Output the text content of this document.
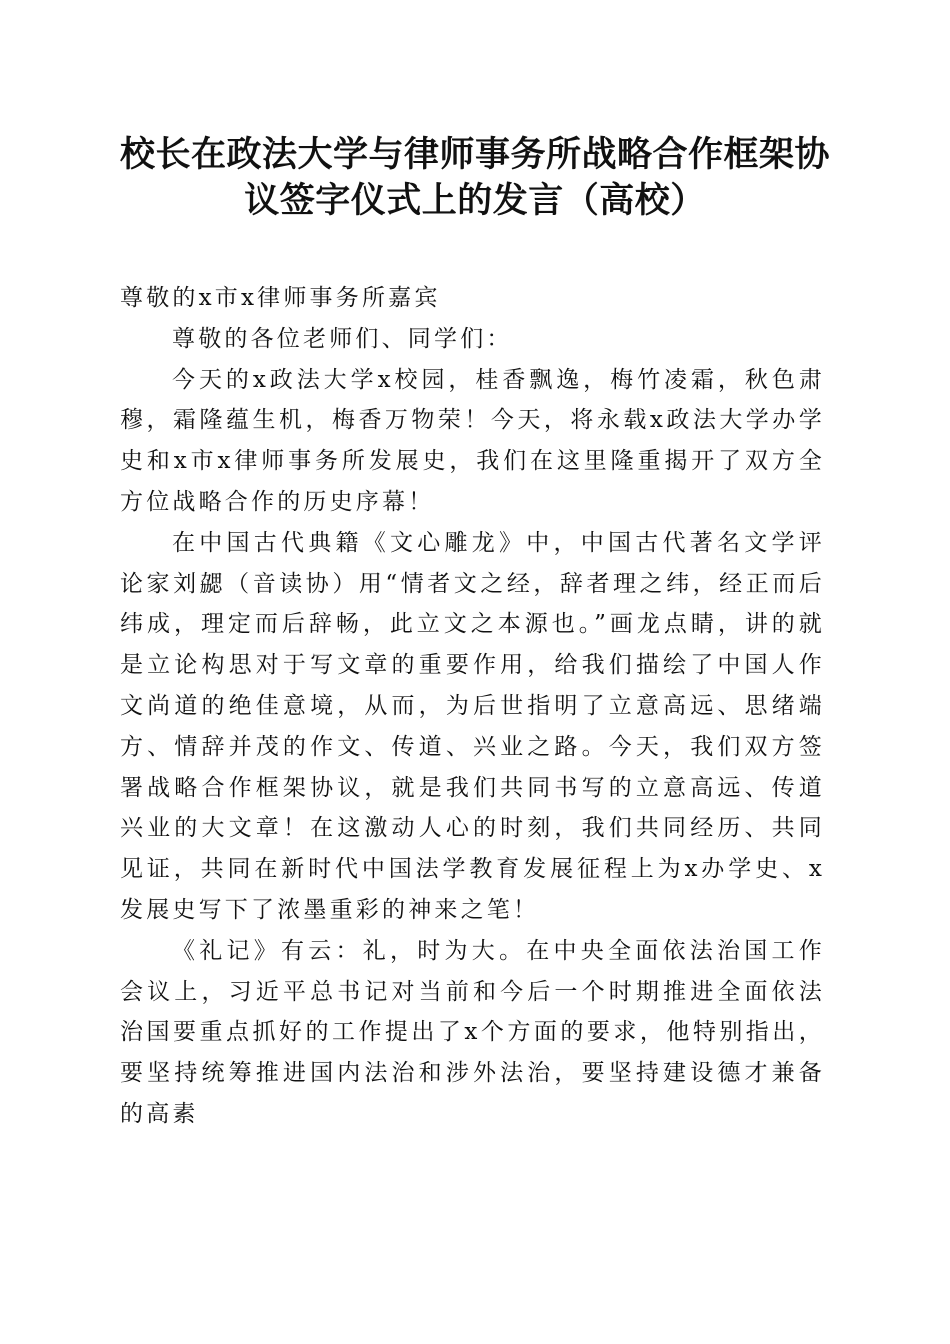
校长在政法大学与律师事务所战略合作框架协
议签字仪式上的发言（高校）
尊敬的x市x律师事务所嘉宾

尊敬的各位老师们、同学们：

今天的x政法大学x校园，桂香飘逸，梅竹凌霜，秋色肃穆，霜隆蕴生机，梅香万物荣！今天，将永载x政法大学办学史和x市x律师事务所发展史，我们在这里隆重揭开了双方全方位战略合作的历史序幕！

在中国古代典籍《文心雕龙》中，中国古代著名文学评论家刘勰（音读协）用“情者文之经，辞者理之纬，经正而后纬成，理定而后辞畅，此立文之本源也。”画龙点睛，讲的就是立论构思对于写文章的重要作用，给我们描绘了中国人作文尚道的绝佳意境，从而，为后世指明了立意高远、思绪端方、情辞并茂的作文、传道、兴业之路。今天，我们双方签署战略合作框架协议，就是我们共同书写的立意高远、传道兴业的大文章！在这激动人心的时刻，我们共同经历、共同见证，共同在新时代中国法学教育发展征程上为x办学史、x发展史写下了浓墨重彩的神来之笔！

《礼记》有云：礼，时为大。在中央全面依法治国工作会议上，习近平总书记对当前和今后一个时期推进全面依法治国要重点抓好的工作提出了x个方面的要求，他特别指出，要坚持统筹推进国内法治和涉外法治，要坚持建设德才兼备的高素
